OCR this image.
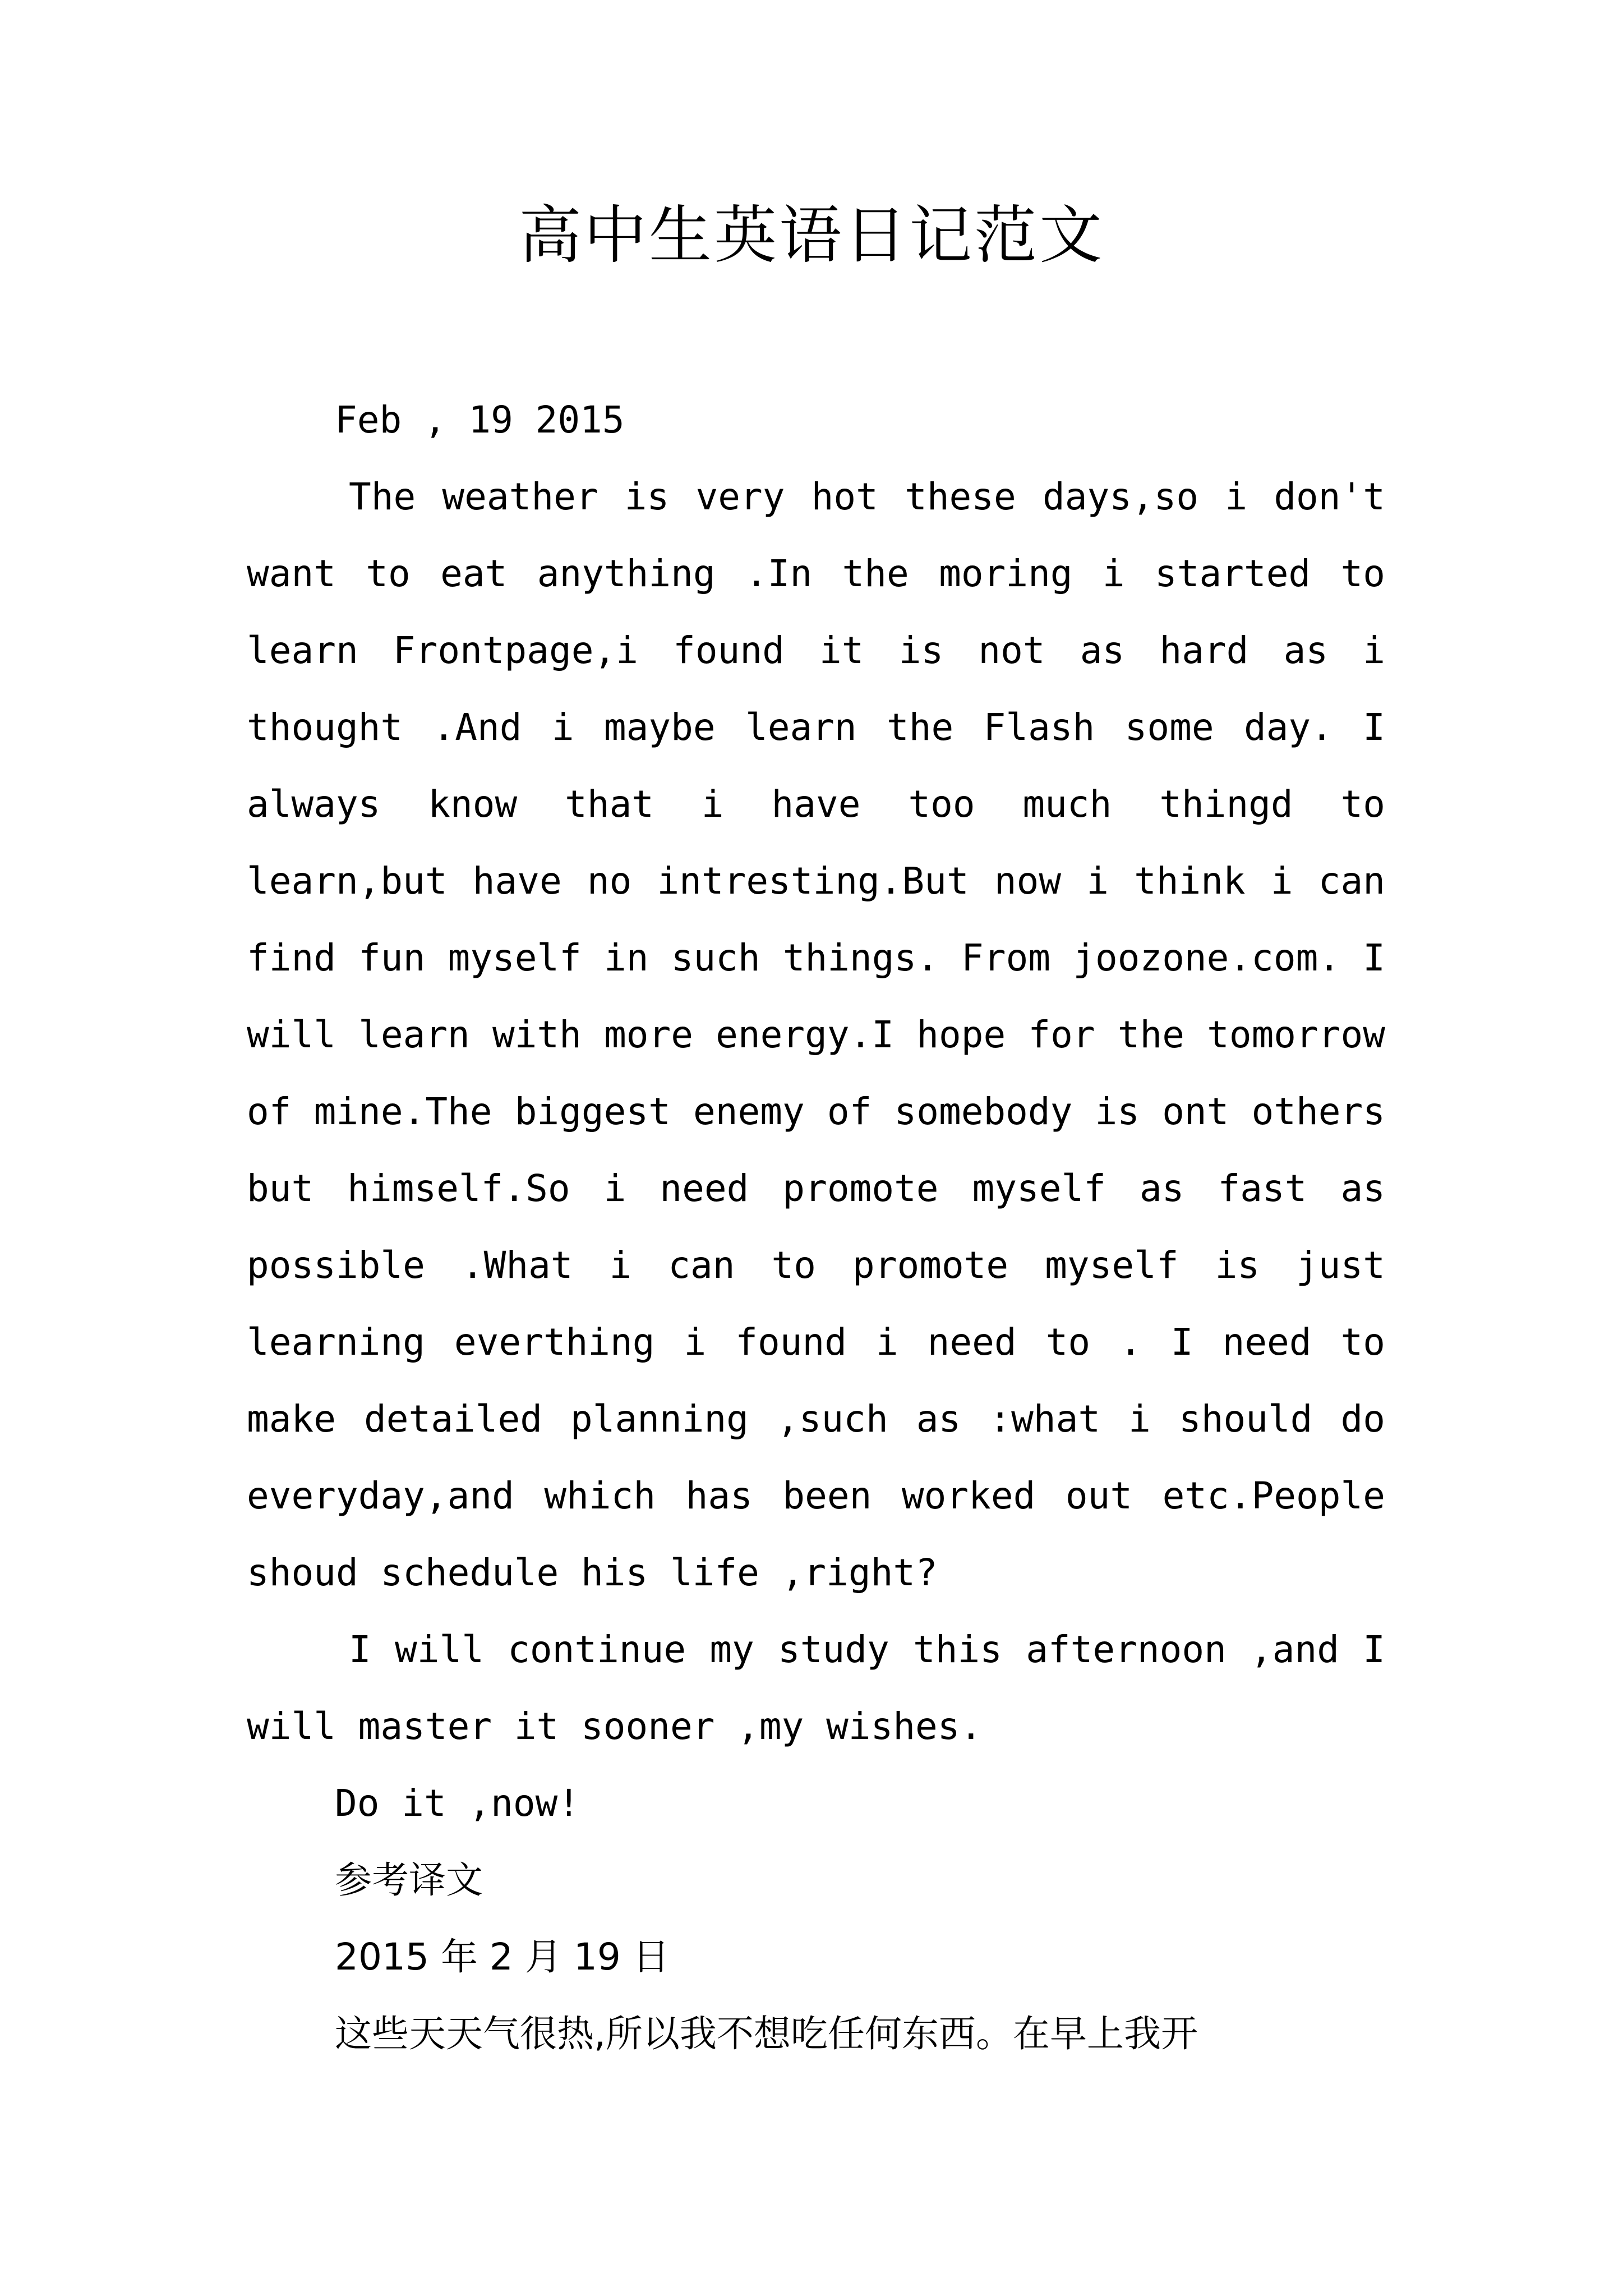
高中生英语日记范文

Feb , 19 2015

The weather is very hot these days,so i don't want to eat anything .In the moring i started to learn Frontpage,i found it is not as hard as i thought .And i maybe learn the Flash some day. I always know that i have too much thingd to learn,but have no intresting.But now i think i can find fun myself in such things. From joozone.com. I will learn with more energy.I hope for the tomorrow of mine.The biggest enemy of somebody is ont others but himself.So i need promote myself as fast as possible .What i can to promote myself is just learning everthing i found i need to . I need to make detailed planning ,such as :what i should do everyday,and which has been worked out etc.People shoud schedule his life ,right?

I will continue my study this afternoon ,and I will master it sooner ,my wishes.

Do it ,now!

参考译文

2015 年 2 月 19 日

这些天天气很热,所以我不想吃任何东西。在早上我开
